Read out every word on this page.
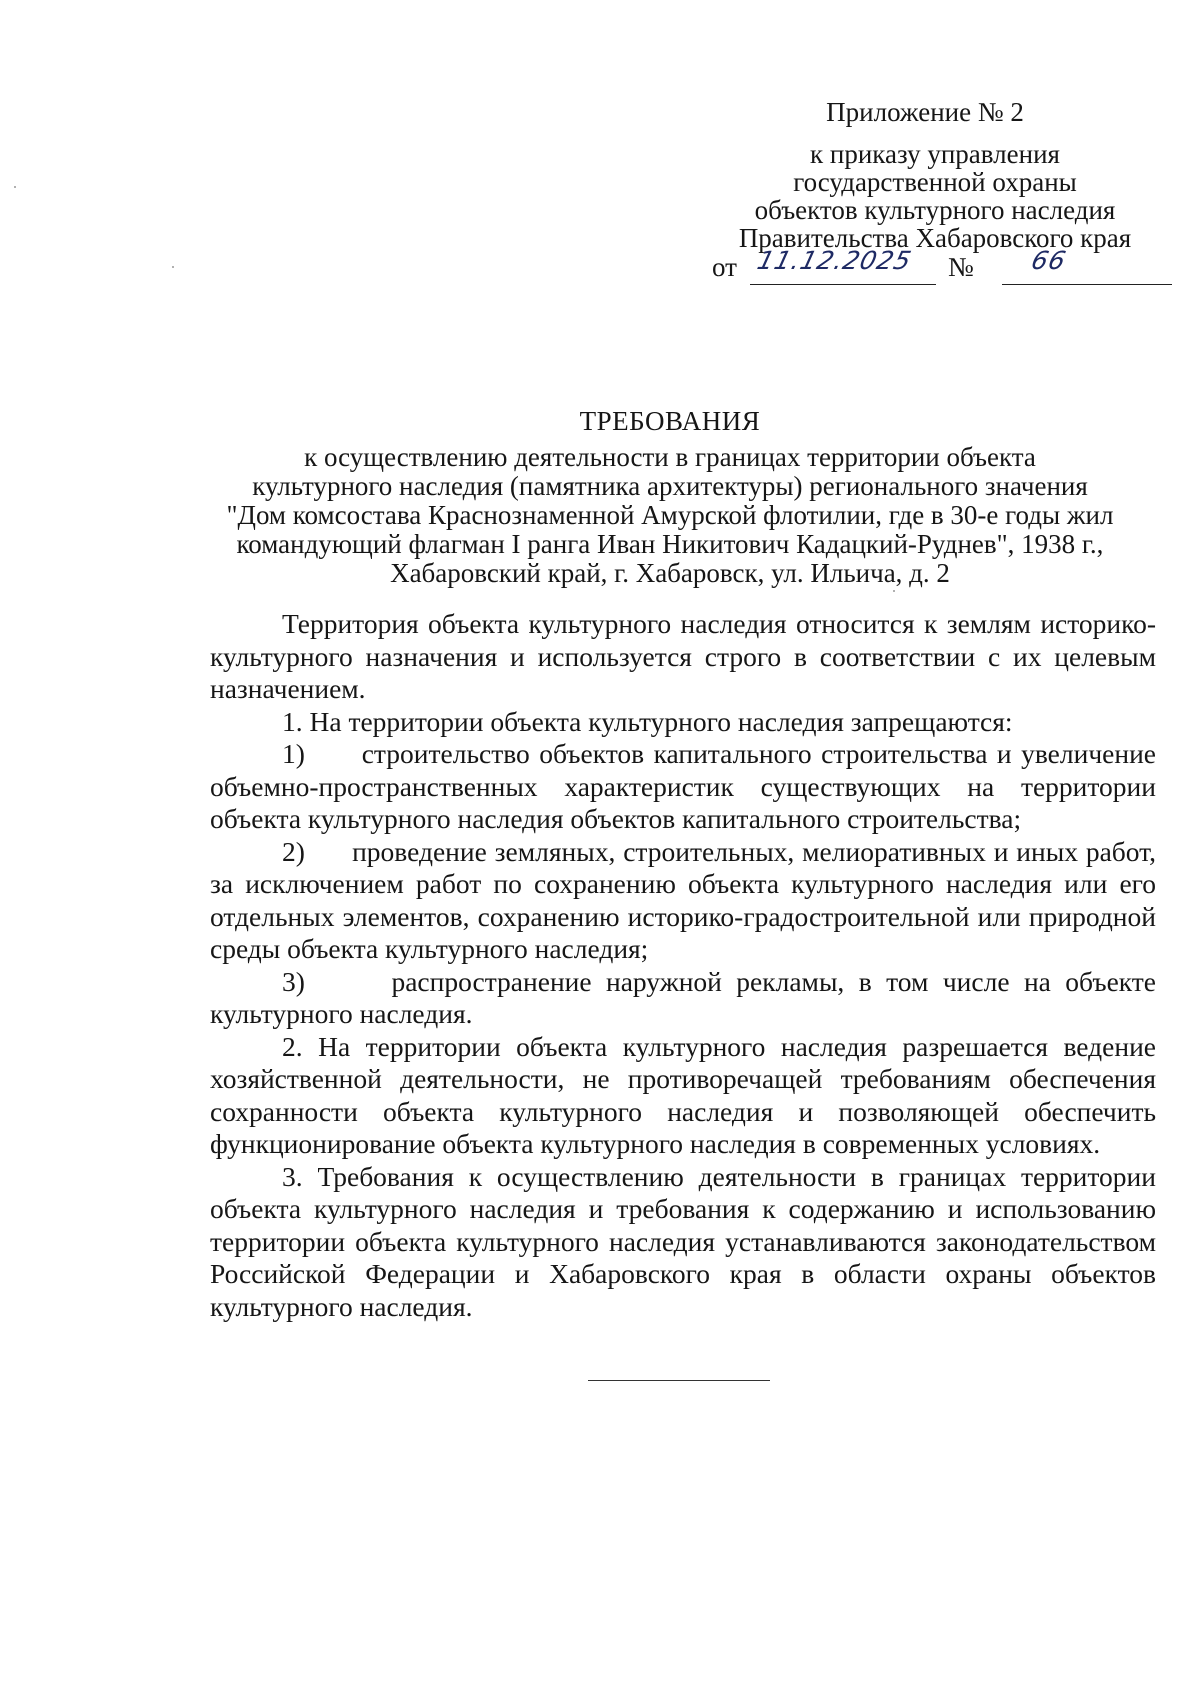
Приложение № 2
к приказу управления
государственной охраны
объектов культурного наследия
Правительства Хабаровского края
от 11.12.2025 № 66
ТРЕБОВАНИЯ
к осуществлению деятельности в границах территории объекта
культурного наследия (памятника архитектуры) регионального значения
"Дом комсостава Краснознаменной Амурской флотилии, где в 30-е годы жил
командующий флагман I ранга Иван Никитович Кадацкий-Руднев", 1938 г.,
Хабаровский край, г. Хабаровск, ул. Ильича, д. 2

Территория объекта культурного наследия относится к землям историко-культурного назначения и используется строго в соответствии с их целевым назначением.

1. На территории объекта культурного наследия запрещаются:

1)      строительство объектов капитального строительства и увеличение объемно-пространственных характеристик существующих на территории объекта культурного наследия объектов капитального строительства;

2)      проведение земляных, строительных, мелиоративных и иных работ, за исключением работ по сохранению объекта культурного наследия или его отдельных элементов, сохранению историко-градостроительной или природной среды объекта культурного наследия;

3)      распространение наружной рекламы, в том числе на объекте культурного наследия.

2. На территории объекта культурного наследия разрешается ведение хозяйственной деятельности, не противоречащей требованиям обеспечения сохранности объекта культурного наследия и позволяющей обеспечить функционирование объекта культурного наследия в современных условиях.

3. Требования к осуществлению деятельности в границах территории объекта культурного наследия и требования к содержанию и использованию территории объекта культурного наследия устанавливаются законодательством Российской Федерации и Хабаровского края в области охраны объектов культурного наследия.
